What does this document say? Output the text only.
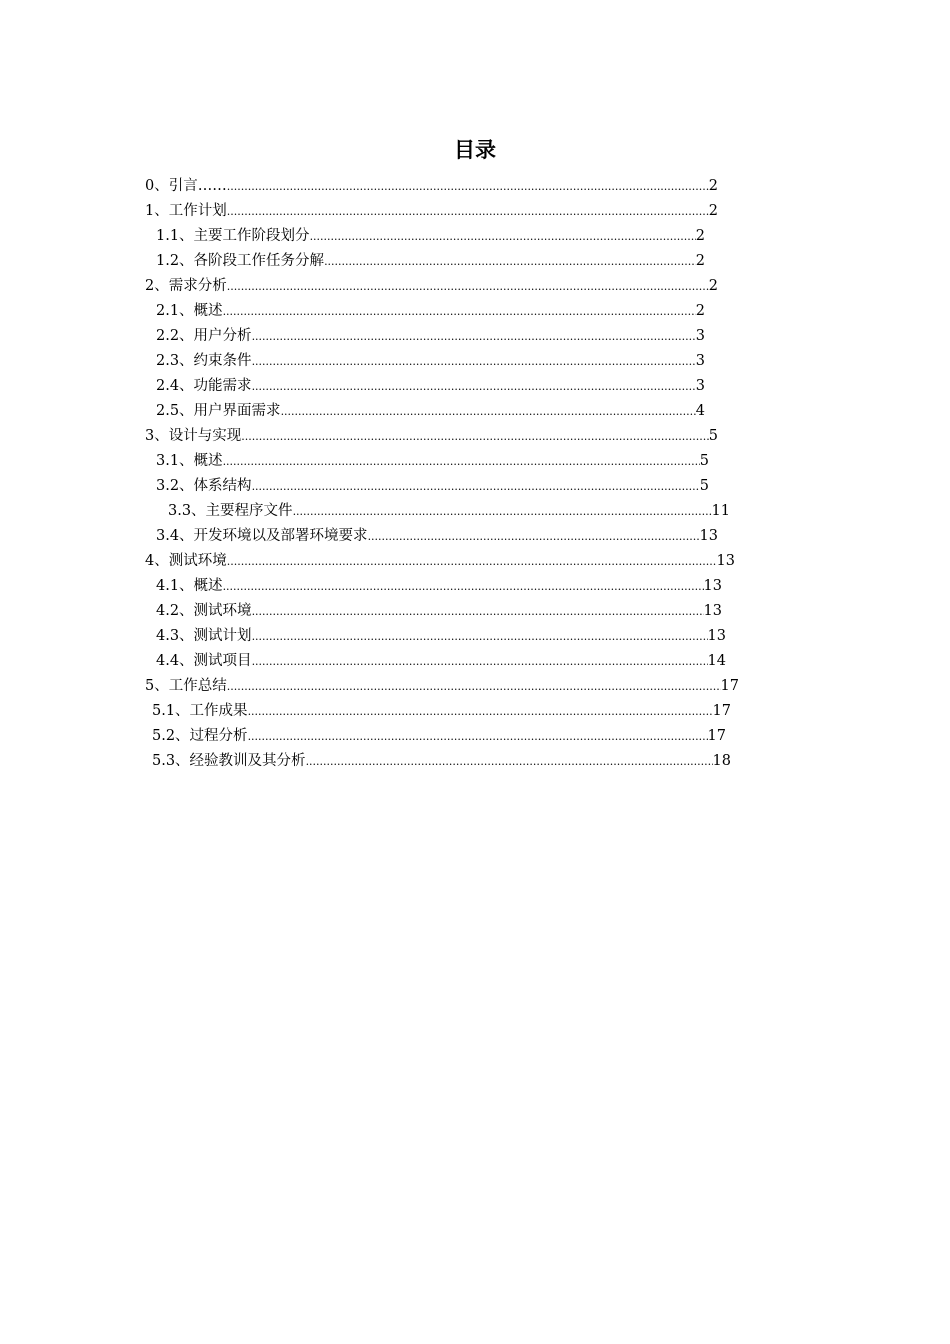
目录
0、引言…… .....	2
1、工作计划 .....	2
1.1、主要工作阶段划分 .....	2
1.2、各阶段工作任务分解 .....	2
2、需求分析 .....	2
2.1、概述 .....	2
2.2、用户分析 .....	3
2.3、约束条件 .....	3
2.4、功能需求 .....	3
2.5、用户界面需求 .....	4
3、设计与实现 .....	5
3.1、概述 .....	5
3.2、体系结构 .....	5
3.3、主要程序文件 .....	11
3.4、开发环境以及部署环境要求 .....	13
4、测试环境 .....	13
4.1、概述 .....	13
4.2、测试环境 .....	13
4.3、测试计划 .....	13
4.4、测试项目 .....	14
5、工作总结 .....	17
5.1、工作成果 .....	17
5.2、过程分析 .....	17
5.3、经验教训及其分析 .....	18
